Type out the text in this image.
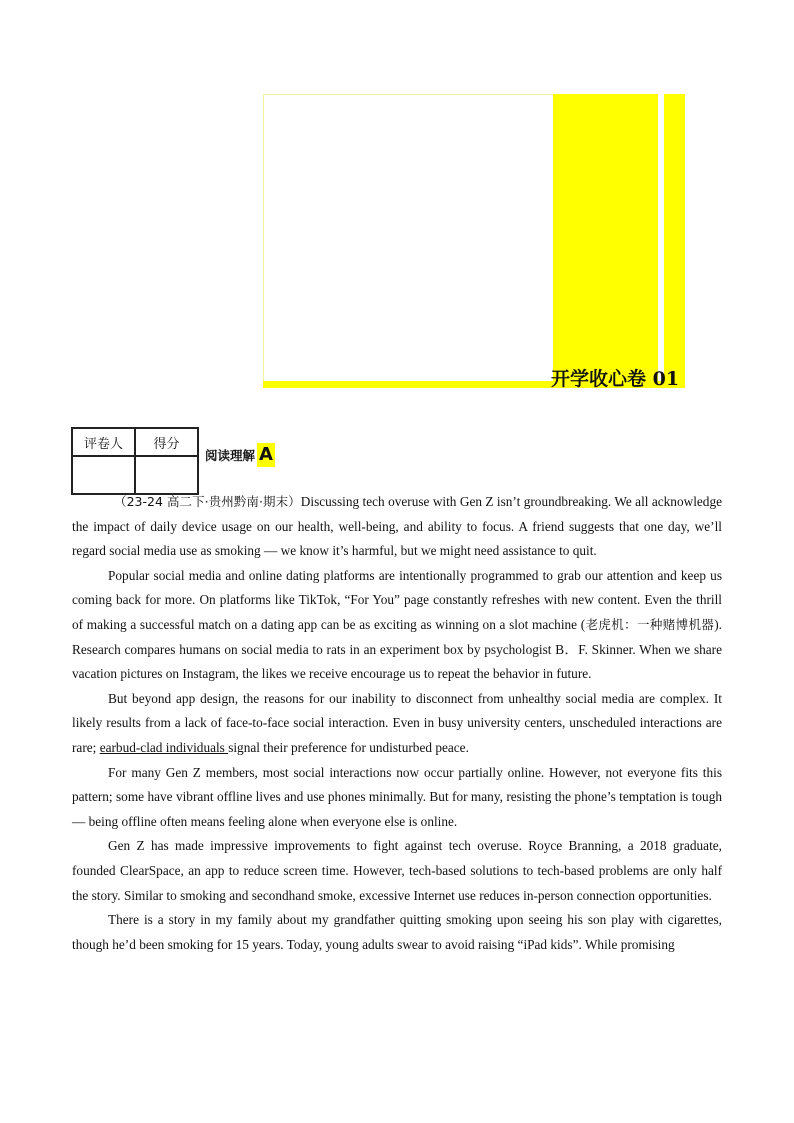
开学收心卷 01
评卷人	得分

阅读理解 A

（23-24 高二下·贵州黔南·期末）Discussing tech overuse with Gen Z isn’t groundbreaking. We all acknowledge the impact of daily device usage on our health, well-being, and ability to focus. A friend suggests that one day, we’ll regard social media use as smoking — we know it’s harmful, but we might need assistance to quit.

Popular social media and online dating platforms are intentionally programmed to grab our attention and keep us coming back for more. On platforms like TikTok, “For You” page constantly refreshes with new content. Even the thrill of making a successful match on a dating app can be as exciting as winning on a slot machine (老虎机：一种赌博机器). Research compares humans on social media to rats in an experiment box by psychologist B．F. Skinner. When we share vacation pictures on Instagram, the likes we receive encourage us to repeat the behavior in future.

But beyond app design, the reasons for our inability to disconnect from unhealthy social media are complex. It likely results from a lack of face-to-face social interaction. Even in busy university centers, unscheduled interactions are rare; earbud-clad individuals signal their preference for undisturbed peace.

For many Gen Z members, most social interactions now occur partially online. However, not everyone fits this pattern; some have vibrant offline lives and use phones minimally. But for many, resisting the phone’s temptation is tough — being offline often means feeling alone when everyone else is online.

Gen Z has made impressive improvements to fight against tech overuse. Royce Branning, a 2018 graduate, founded ClearSpace, an app to reduce screen time. However, tech-based solutions to tech-based problems are only half the story. Similar to smoking and secondhand smoke, excessive Internet use reduces in-person connection opportunities.

There is a story in my family about my grandfather quitting smoking upon seeing his son play with cigarettes, though he’d been smoking for 15 years. Today, young adults swear to avoid raising “iPad kids”. While promising
